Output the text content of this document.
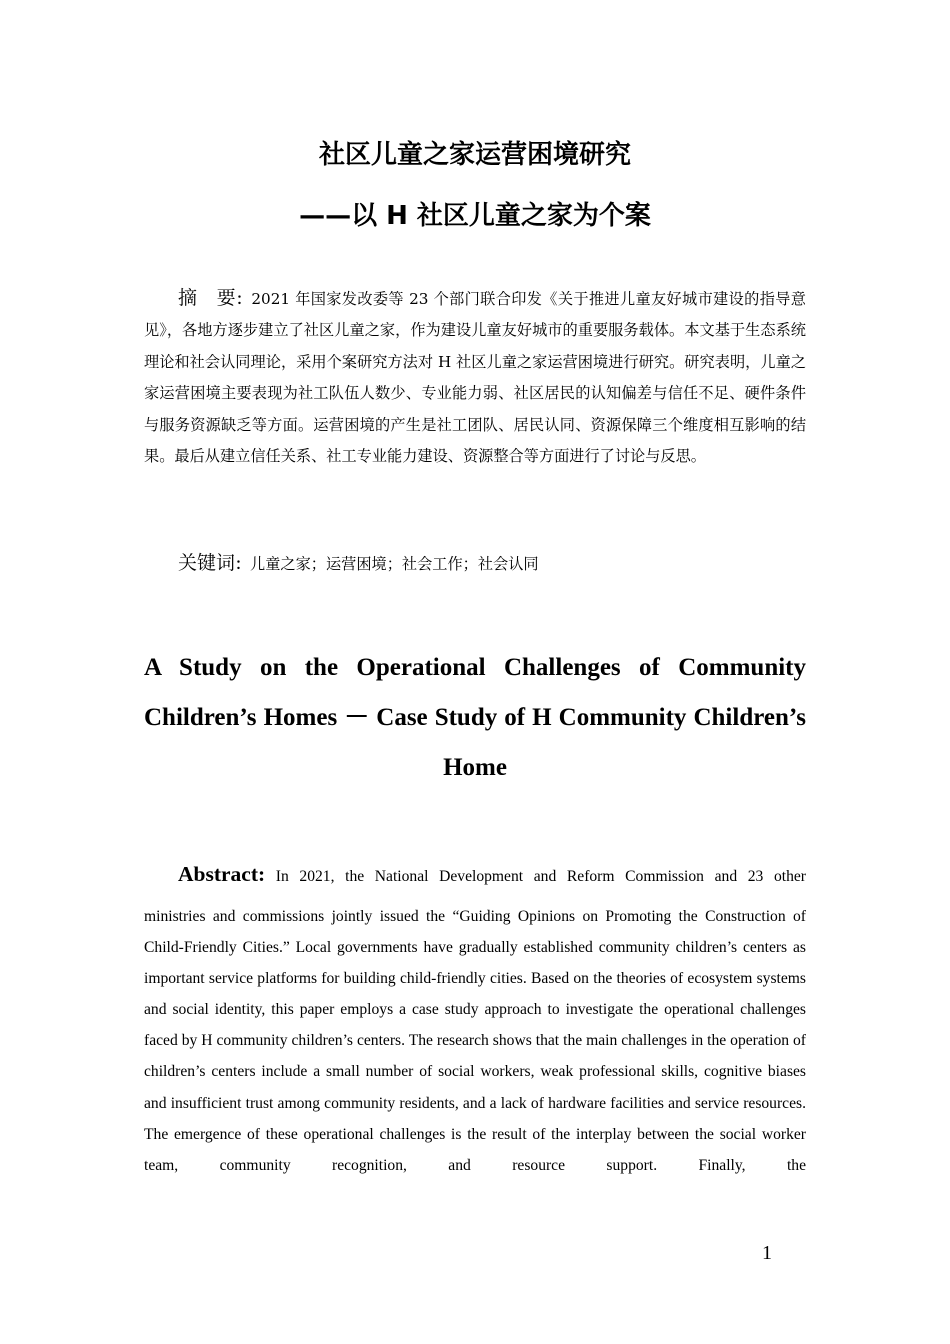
社区儿童之家运营困境研究
——以 H 社区儿童之家为个案
摘　要：2021 年国家发改委等 23 个部门联合印发《关于推进儿童友好城市建设的指导意见》，各地方逐步建立了社区儿童之家，作为建设儿童友好城市的重要服务载体。本文基于生态系统理论和社会认同理论，采用个案研究方法对 H 社区儿童之家运营困境进行研究。研究表明，儿童之家运营困境主要表现为社工队伍人数少、专业能力弱、社区居民的认知偏差与信任不足、硬件条件与服务资源缺乏等方面。运营困境的产生是社工团队、居民认同、资源保障三个维度相互影响的结果。最后从建立信任关系、社工专业能力建设、资源整合等方面进行了讨论与反思。
关键词：儿童之家；运营困境；社会工作；社会认同
A Study on the Operational Challenges of Community Children’s Homes － Case Study of H Community Children’s Home
Abstract: In 2021, the National Development and Reform Commission and 23 other
ministries and commissions jointly issued the “Guiding Opinions on Promoting the Construction of Child-Friendly Cities.” Local governments have gradually established community children’s centers as important service platforms for building child-friendly cities. Based on the theories of ecosystem systems and social identity, this paper employs a case study approach to investigate the operational challenges faced by H community children’s centers. The research shows that the main challenges in the operation of children’s centers include a small number of social workers, weak professional skills, cognitive biases and insufficient trust among community residents, and a lack of hardware facilities and service resources. The emergence of these operational challenges is the result of the interplay between the social worker team, community recognition, and resource support. Finally, the
1
